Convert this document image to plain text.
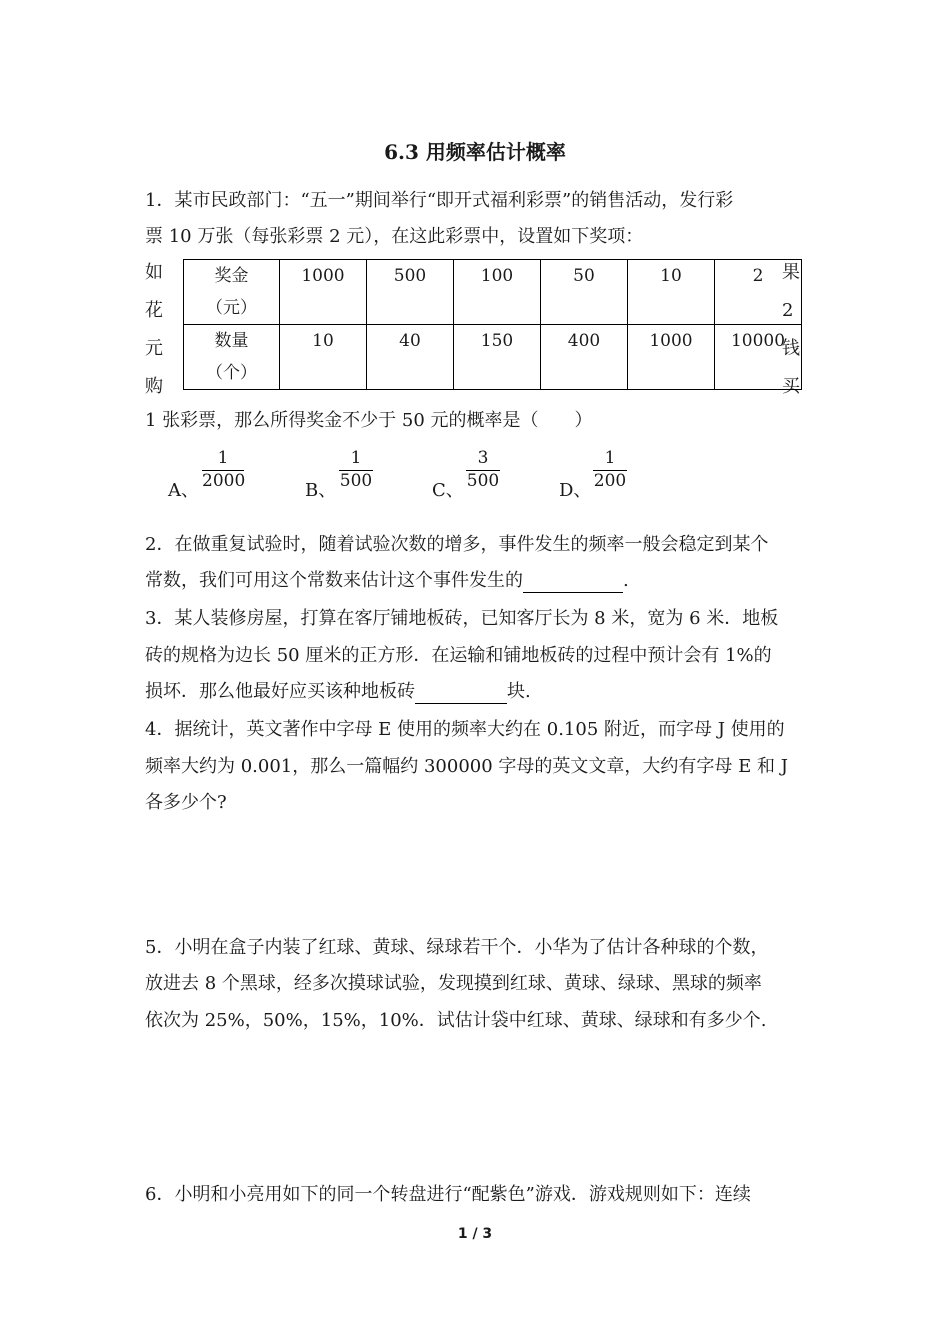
6.3 用频率估计概率
1．某市民政部门：“五一”期间举行“即开式福利彩票”的销售活动，发行彩
票 10 万张（每张彩票 2 元），在这此彩票中，设置如下奖项：
如
花
元
购
果
2
钱
买
奖金
（元）	1000	500	100	50	10	2

数量
（个）	10	40	150	400	1000	10000
1 张彩票，那么所得奖金不少于 50 元的概率是（　　）
A、
1
2000	B、
1
500	C、
3
500	D、
1
200
2．在做重复试验时，随着试验次数的增多，事件发生的频率一般会稳定到某个
常数，我们可用这个常数来估计这个事件发生的	.
3．某人装修房屋，打算在客厅铺地板砖，已知客厅长为 8 米，宽为 6 米．地板
砖的规格为边长 50 厘米的正方形．在运输和铺地板砖的过程中预计会有 1%的
损坏．那么他最好应买该种地板砖	块.
4．据统计，英文著作中字母 E 使用的频率大约在 0.105 附近，而字母 J 使用的
频率大约为 0.001，那么一篇幅约 300000 字母的英文文章，大约有字母 E 和 J
各多少个?
5．小明在盒子内装了红球、黄球、绿球若干个．小华为了估计各种球的个数，
放进去 8 个黑球，经多次摸球试验，发现摸到红球、黄球、绿球、黑球的频率
依次为 25%，50%，15%，10%．试估计袋中红球、黄球、绿球和有多少个.
6．小明和小亮用如下的同一个转盘进行“配紫色”游戏．游戏规则如下：连续
1 / 3
